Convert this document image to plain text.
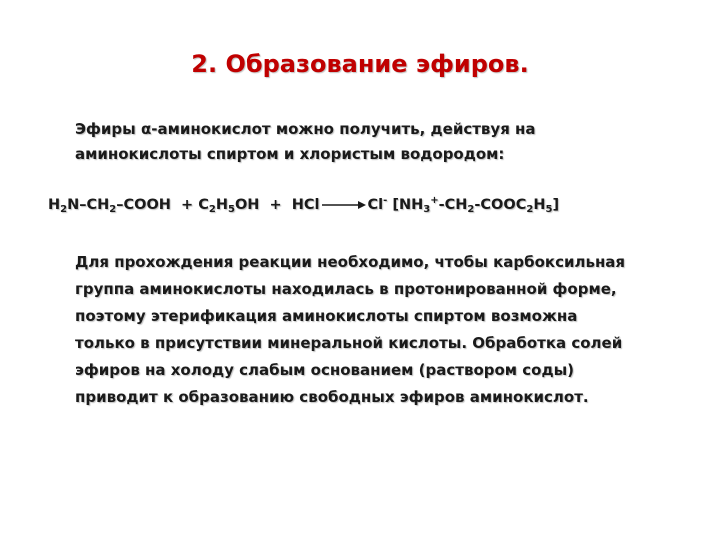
2. Образование эфиров.
Эфиры α-аминокислот можно получить, действуя на
аминокислоты спиртом и хлористым водородом:
$H_2N-CH_2$–COOH  + $C_2H_5OH$  +  HCl → Cl- $[NH_3^+-CH_2-COOC_2H_5]$
Для прохождения реакции необходимо, чтобы карбоксильная
группа аминокислоты находилась в протонированной форме,
поэтому этерификация аминокислоты спиртом возможна
только в присутствии минеральной кислоты. Обработка солей
эфиров на холоду слабым основанием (раствором соды)
приводит к образованию свободных эфиров аминокислот.
